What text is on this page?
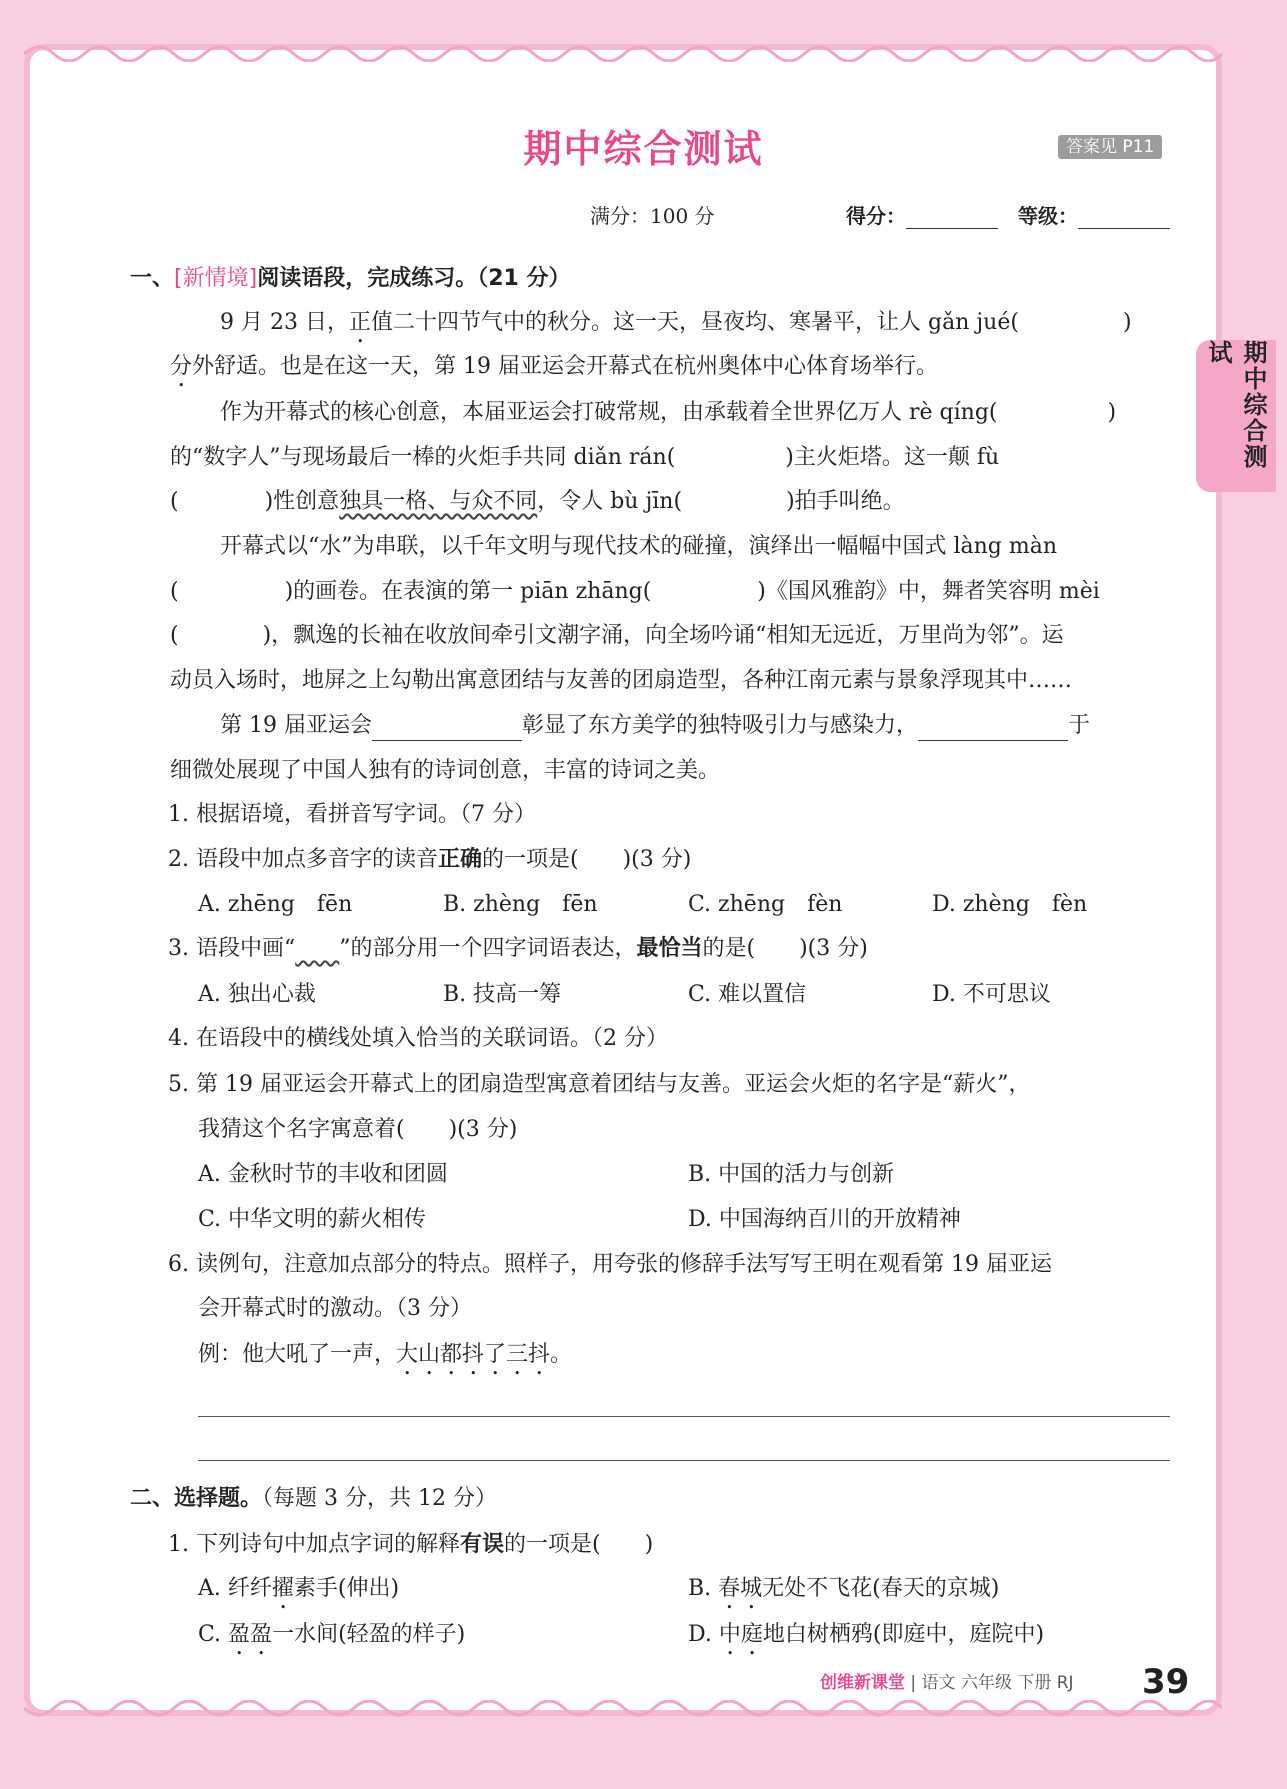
期中综合测试
期中综合测试	答案见 P11
满分：100 分	得分：	等级：
一、[新情境]阅读语段，完成练习。（21 分）
9 月 23 日，正值二十四节气中的秋分。这一天，昼夜均、寒暑平，让人 gǎn jué(	)
分外舒适。也是在这一天，第 19 届亚运会开幕式在杭州奥体中心体育场举行。
作为开幕式的核心创意，本届亚运会打破常规，由承载着全世界亿万人 rè qíng(	)
的“数字人”与现场最后一棒的火炬手共同 diǎn rán(	)主火炬塔。这一颠 fù
(	)性创意独具一格、与众不同，令人 bù jīn(	)拍手叫绝。
开幕式以“水”为串联，以千年文明与现代技术的碰撞，演绎出一幅幅中国式 làng màn
(	)的画卷。在表演的第一 piān zhāng(	)《国风雅韵》中，舞者笑容明 mèi
(	)，飘逸的长袖在收放间牵引文潮字涌，向全场吟诵“相知无远近，万里尚为邻”。运
动员入场时，地屏之上勾勒出寓意团结与友善的团扇造型，各种江南元素与景象浮现其中……
第 19 届亚运会	彰显了东方美学的独特吸引力与感染力，	于
细微处展现了中国人独有的诗词创意，丰富的诗词之美。
1. 根据语境，看拼音写字词。（7 分）
2. 语段中加点多音字的读音正确的一项是(　　)(3 分)
A. zhēng　fēn	B. zhèng　fēn	C. zhēng　fèn	D. zhèng　fèn
3. 语段中画“　　 ”的部分用一个四字词语表达，最恰当的是(　　)(3 分)
A. 独出心裁	B. 技高一筹	C. 难以置信	D. 不可思议
4. 在语段中的横线处填入恰当的关联词语。（2 分）
5. 第 19 届亚运会开幕式上的团扇造型寓意着团结与友善。亚运会火炬的名字是“薪火”，
我猜这个名字寓意着(　　)(3 分)
A. 金秋时节的丰收和团圆	B. 中国的活力与创新
C. 中华文明的薪火相传	D. 中国海纳百川的开放精神
6. 读例句，注意加点部分的特点。照样子，用夸张的修辞手法写写王明在观看第 19 届亚运
会开幕式时的激动。（3 分）
例：他大吼了一声，大山都抖了三抖。
二、选择题。（每题 3 分，共 12 分）
1. 下列诗句中加点字词的解释有误的一项是(　　)
A. 纤纤擢素手(伸出)	B. 春城无处不飞花(春天的京城)
C. 盈盈一水间(轻盈的样子)	D. 中庭地白树栖鸦(即庭中，庭院中)
创维新课堂 | 语文 六年级 下册 RJ 39
